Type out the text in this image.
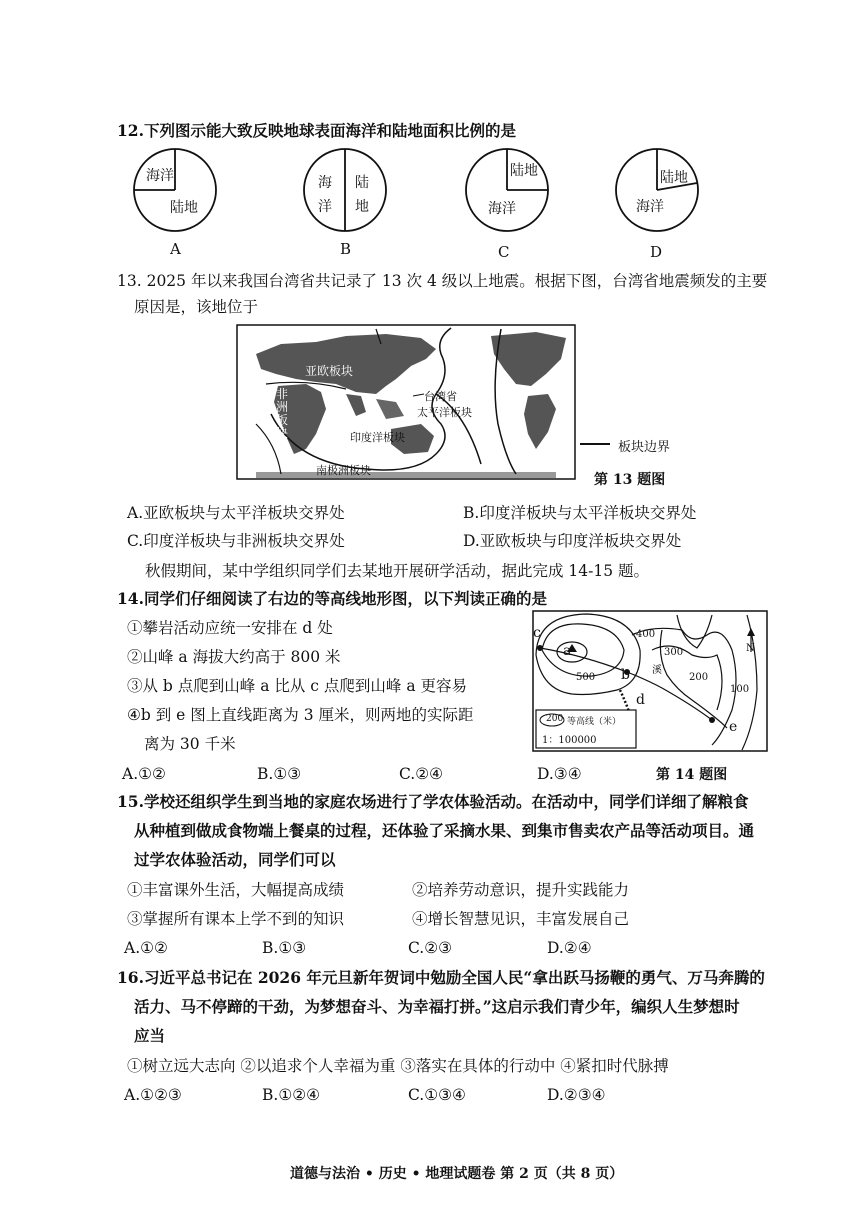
12.下列图示能大致反映地球表面海洋和陆地面积比例的是
海洋
陆地
A
海
洋
陆
地
B
陆地
海洋
C
陆地
海洋
D
13. 2025 年以来我国台湾省共记录了 13 次 4 级以上地震。根据下图，台湾省地震频发的主要
原因是，该地位于
亚欧板块
非洲板块
台湾省
太平洋板块
印度洋板块
南极洲板块
板块边界
第 13 题图
A.亚欧板块与太平洋板块交界处	B.印度洋板块与太平洋板块交界处
C.印度洋板块与非洲板块交界处	D.亚欧板块与印度洋板块交界处
秋假期间，某中学组织同学们去某地开展研学活动，据此完成 14-15 题。
14.同学们仔细阅读了右边的等高线地形图，以下判读正确的是
①攀岩活动应统一安排在 d 处
②山峰 a 海拔大约高于 800 米
③从 b 点爬到山峰 a 比从 c 点爬到山峰 a 更容易
④b 到 e 图上直线距离为 3 厘米，则两地的实际距
离为 30 千米
A.①②	B.①③	C.②④	D.③④
a
b
c
d
e
400
300
200
100
500
溪
N
200 等高线（米）
1：100000
第 14 题图
15.学校还组织学生到当地的家庭农场进行了学农体验活动。在活动中，同学们详细了解粮食
从种植到做成食物端上餐桌的过程，还体验了采摘水果、到集市售卖农产品等活动项目。通
过学农体验活动，同学们可以
①丰富课外生活，大幅提高成绩	②培养劳动意识，提升实践能力
③掌握所有课本上学不到的知识	④增长智慧见识，丰富发展自己
A.①②	B.①③	C.②③	D.②④
16.习近平总书记在 2026 年元旦新年贺词中勉励全国人民“拿出跃马扬鞭的勇气、万马奔腾的
活力、马不停蹄的干劲，为梦想奋斗、为幸福打拼。”这启示我们青少年，编织人生梦想时
应当
①树立远大志向 ②以追求个人幸福为重 ③落实在具体的行动中 ④紧扣时代脉搏
A.①②③	B.①②④	C.①③④	D.②③④
道德与法治 • 历史 • 地理试题卷 第 2 页（共 8 页）
